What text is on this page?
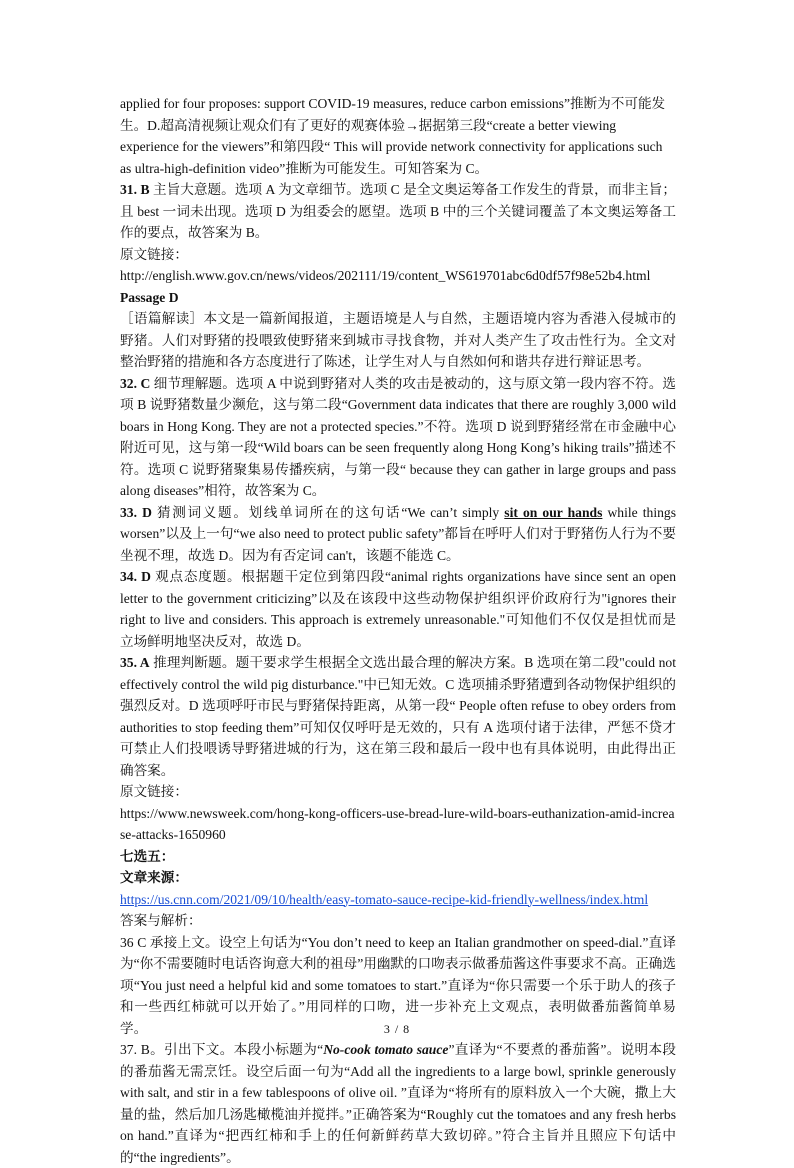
applied for four proposes: support COVID-19 measures, reduce carbon emissions”推断为不可能发生。D.超高清视频让观众们有了更好的观赛体验→据据第三段“create a better viewing experience for the viewers”和第四段“ This will provide network connectivity for applications such as ultra-high-definition video”推断为可能发生。可知答案为 C。

31. B 主旨大意题。选项 A 为文章细节。选项 C 是全文奥运筹备工作发生的背景，而非主旨；且 best 一词未出现。选项 D 为组委会的愿望。选项 B 中的三个关键词覆盖了本文奥运筹备工作的要点，故答案为 B。

原文链接：

http://english.www.gov.cn/news/videos/202111/19/content_WS619701abc6d0df57f98e52b4.html

Passage D

［语篇解读］本文是一篇新闻报道，主题语境是人与自然，主题语境内容为香港入侵城市的野猪。人们对野猪的投喂致使野猪来到城市寻找食物，并对人类产生了攻击性行为。全文对整治野猪的措施和各方态度进行了陈述，让学生对人与自然如何和谐共存进行辩证思考。

32. C 细节理解题。选项 A 中说到野猪对人类的攻击是被动的，这与原文第一段内容不符。选项 B 说野猪数量少濒危，这与第二段“Government data indicates that there are roughly 3,000 wild boars in Hong Kong. They are not a protected species.”不符。选项 D 说到野猪经常在市金融中心附近可见，这与第一段“Wild boars can be seen frequently along Hong Kong’s hiking trails”描述不符。选项 C 说野猪聚集易传播疾病，与第一段“ because they can gather in large groups and pass along diseases”相符，故答案为 C。

33. D 猜测词义题。划线单词所在的这句话“We can’t simply sit on our hands while things worsen”以及上一句“we also need to protect public safety”都旨在呼吁人们对于野猪伤人行为不要坐视不理，故选 D。因为有否定词 can't，该题不能选 C。

34. D 观点态度题。根据题干定位到第四段“animal rights organizations have since sent an open letter to the government criticizing”以及在该段中这些动物保护组织评价政府行为"ignores their right to live and considers. This approach is extremely unreasonable."可知他们不仅仅是担忧而是立场鲜明地坚决反对，故选 D。

35. A 推理判断题。题干要求学生根据全文选出最合理的解决方案。B 选项在第二段"could not effectively control the wild pig disturbance."中已知无效。C 选项捕杀野猪遭到各动物保护组织的强烈反对。D 选项呼吁市民与野猪保持距离，从第一段“ People often refuse to obey orders from authorities to stop feeding them”可知仅仅呼吁是无效的，只有 A 选项付诸于法律，严惩不贷才可禁止人们投喂诱导野猪进城的行为，这在第三段和最后一段中也有具体说明，由此得出正确答案。

原文链接：

https://www.newsweek.com/hong-kong-officers-use-bread-lure-wild-boars-euthanization-amid-increase-attacks-1650960

七选五：

文章来源：

https://us.cnn.com/2021/09/10/health/easy-tomato-sauce-recipe-kid-friendly-wellness/index.html

答案与解析：

36 C 承接上文。设空上句话为“You don’t need to keep an Italian grandmother on speed-dial.”直译为“你不需要随时电话咨询意大利的祖母”用幽默的口吻表示做番茄酱这件事要求不高。正确选项“You just need a helpful kid and some tomatoes to start.”直译为“你只需要一个乐于助人的孩子和一些西红柿就可以开始了。”用同样的口吻，进一步补充上文观点，表明做番茄酱简单易学。

37. B。引出下文。本段小标题为“No-cook tomato sauce”直译为“不要煮的番茄酱”。说明本段的番茄酱无需烹饪。设空后面一句为“Add all the ingredients to a large bowl, sprinkle generously with salt, and stir in a few tablespoons of olive oil. ”直译为“将所有的原料放入一个大碗，撒上大量的盐，然后加几汤匙橄榄油并搅拌。”正确答案为“Roughly cut the tomatoes and any fresh herbs on hand.”直译为“把西红柿和手上的任何新鲜药草大致切碎。”符合主旨并且照应下句话中的“the ingredients”。

3 / 8
